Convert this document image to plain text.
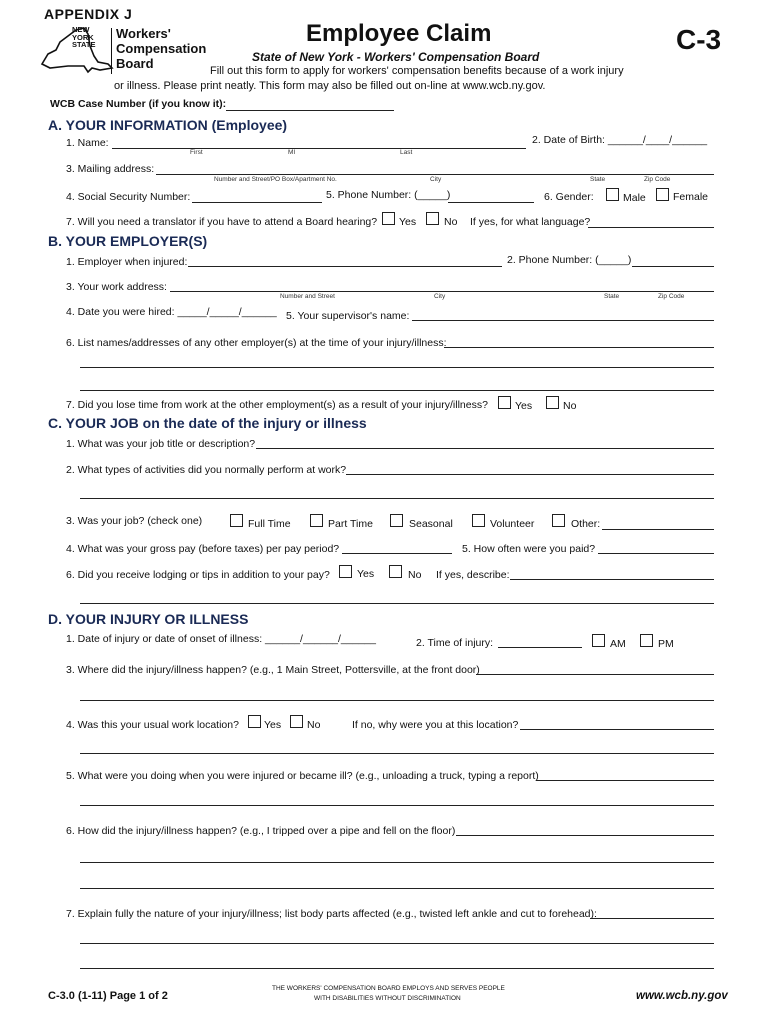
APPENDIX J
NEW
YORK
STATE
Workers'
Compensation
Board
Employee Claim	C-3
State of New York - Workers' Compensation Board
Fill out this form to apply for workers' compensation benefits because of a work injury
or illness. Please print neatly. This form may also be filled out on-line at www.wcb.ny.gov.
WCB Case Number (if you know it):
A. YOUR INFORMATION (Employee)
1. Name:	2. Date of Birth: ______/____/______
First	MI	Last
3. Mailing address:
Number and Street/PO Box/Apartment No.	City	State	Zip Code
4. Social Security Number:	5. Phone Number: (_____)	6. Gender:	Male	Female
7. Will you need a translator if you have to attend a Board hearing? Yes	No If yes, for what language?
B. YOUR EMPLOYER(S)
1. Employer when injured:	2. Phone Number: (_____)
3. Your work address:
Number and Street	City	State	Zip Code
4. Date you were hired: _____/_____/______ 5. Your supervisor's name:
6. List names/addresses of any other employer(s) at the time of your injury/illness:
7. Did you lose time from work at the other employment(s) as a result of your injury/illness?	Yes	No
C. YOUR JOB on the date of the injury or illness
1. What was your job title or description?
2. What types of activities did you normally perform at work?
3. Was your job? (check one)	Full Time	Part Time	Seasonal	Volunteer	Other:
4. What was your gross pay (before taxes) per pay period?	5. How often were you paid?
6. Did you receive lodging or tips in addition to your pay?	Yes	No If yes, describe:
D. YOUR INJURY OR ILLNESS
1. Date of injury or date of onset of illness: ______/______/______	2. Time of injury:	AM	PM
3. Where did the injury/illness happen? (e.g., 1 Main Street, Pottersville, at the front door)
4. Was this your usual work location? Yes No	If no, why were you at this location?
5. What were you doing when you were injured or became ill? (e.g., unloading a truck, typing a report)
6. How did the injury/illness happen? (e.g., I tripped over a pipe and fell on the floor)
7. Explain fully the nature of your injury/illness; list body parts affected (e.g., twisted left ankle and cut to forehead):
C-3.0 (1-11) Page 1 of 2
THE WORKERS' COMPENSATION BOARD EMPLOYS AND SERVES PEOPLE
WITH DISABILITIES WITHOUT DISCRIMINATION	www.wcb.ny.gov
